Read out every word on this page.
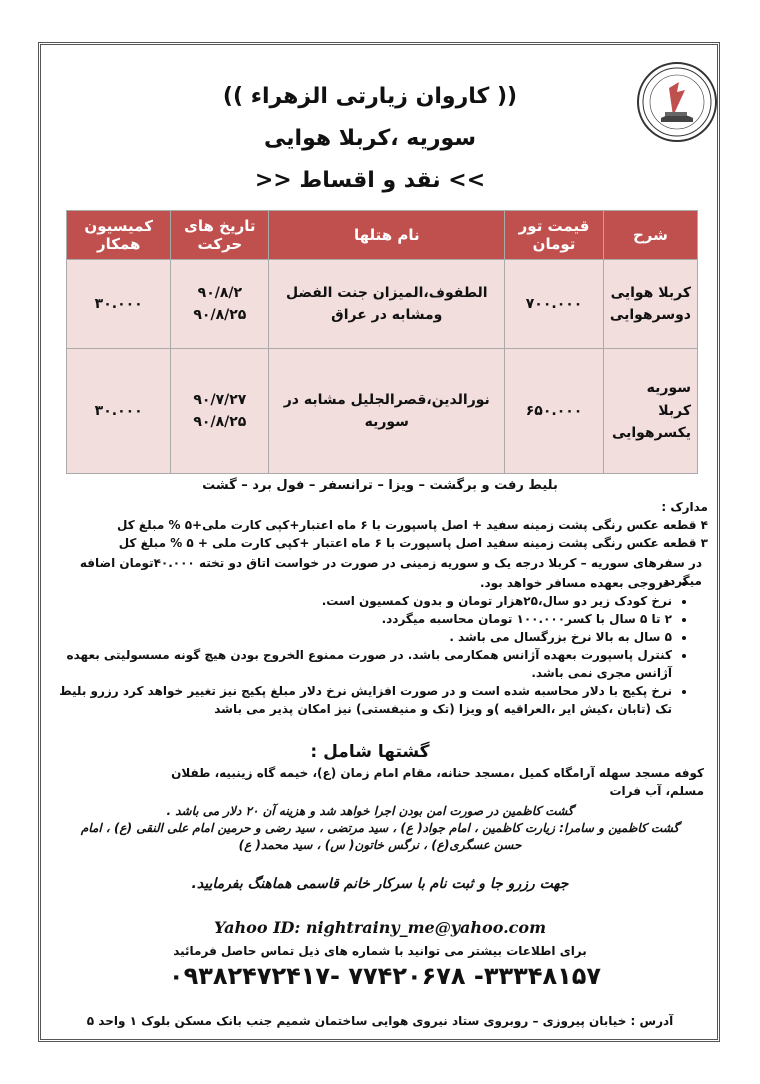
(( کاروان زیارتی الزهراء ))
سوریه ،کربلا هوایی
>> نقد و اقساط <<
شرح	قیمت تور تومان	نام هتلها	تاریخ های حرکت	کمیسیون همکار
کربلا هوایی دوسرهوایی	۷۰۰.۰۰۰	الطفوف،المیزان جنت الفضل ومشابه در عراق	۹۰/۸/۲ ۹۰/۸/۲۵	۳۰.۰۰۰
سوریه کربلا یکسرهوایی	۶۵۰.۰۰۰	نورالدین،قصرالجلیل مشابه در سوریه	۹۰/۷/۲۷ ۹۰/۸/۲۵	۳۰.۰۰۰
بلیط رفت و برگشت – ویزا – ترانسفر – فول برد – گشت
مدارک :
۴ قطعه عکس رنگی پشت زمینه سفید + اصل پاسپورت با ۶ ماه اعتبار+کپی کارت ملی+۵ % مبلغ کل
۳ قطعه عکس رنگی پشت زمینه سفید اصل پاسپورت با ۶ ماه اعتبار +کپی کارت ملی + ۵ % مبلغ کل
در سفرهای سوریه – کربلا درجه یک و سوریه زمینی در صورت در خواست اتاق دو تخته ۴۰.۰۰۰تومان اضافه میگردد.
• خروجی بعهده مسافر خواهد بود.
• نرخ کودک زیر دو سال،۲۵هزار تومان و بدون کمسیون است.
• ۲ تا ۵ سال با کسر۱۰۰.۰۰۰ تومان محاسبه میگردد.
• ۵ سال به بالا نرخ بزرگسال می باشد .
• کنترل پاسپورت بعهده آژانس همکارمی باشد. در صورت ممنوع الخروج بودن هیچ گونه مسسولیتی بعهده آژانس مجری نمی باشد.
• نرخ پکیج با دلار محاسبه شده است و در صورت افزایش نرخ دلار مبلغ پکیج نیز تغییر خواهد کرد رزرو بلیط تک (تابان ،کیش ایر ،العراقیه )و ویزا (تک و منیفستی) نیز امکان پذیر می باشد
گشتها شامل :
کوفه مسجد سهله آرامگاه کمیل ،مسجد حنانه، مقام امام زمان (ع)، خیمه گاه زینبیه، طفلان مسلم، آب فرات
گشت کاظمین در صورت امن بودن اجرا خواهد شد و هزینه آن ۲۰ دلار می باشد .
گشت کاظمین و سامرا: زیارت کاظمین ، امام جواد( ع) ، سید مرتضی ، سید رضی و حرمین امام علی النقی (ع) ، امام حسن عسگری(ع) ، نرگس خاتون( س) ، سید محمد( ع)
جهت رزرو جا و ثبت نام با سرکار خانم قاسمی هماهنگ بفرمایید.
Yahoo ID: nightrainy_me@yahoo.com
برای اطلاعات بیشتر می توانید با شماره های ذیل تماس حاصل فرمائید
۰۹۳۸۲۴۷۲۴۱۷- ۷۷۴۲۰۶۷۸ -۳۳۳۴۸۱۵۷
آدرس : خیابان پیروزی – روبروی ستاد نیروی هوایی ساختمان شمیم جنب بانک مسکن بلوک ۱ واحد ۵
